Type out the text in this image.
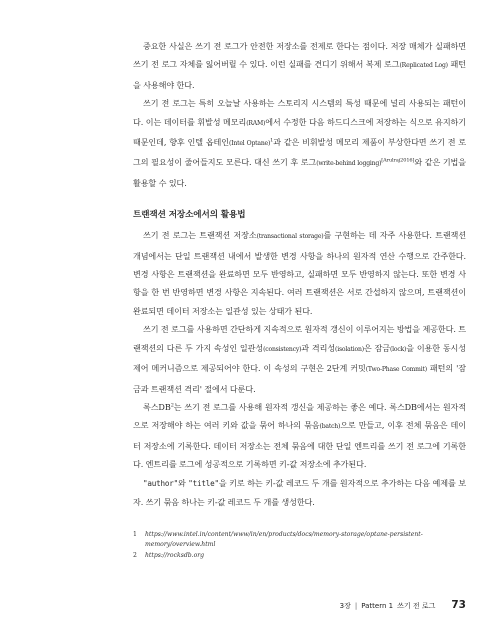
중요한 사실은 쓰기 전 로그가 안전한 저장소를 전제로 한다는 점이다. 저장 매체가 실패하면 쓰기 전 로그 자체를 잃어버릴 수 있다. 이런 실패를 견디기 위해서 복제 로그(Replicated Log) 패턴을 사용해야 한다.

쓰기 전 로그는 특히 오늘날 사용하는 스토리지 시스템의 특성 때문에 널리 사용되는 패턴이다. 이는 데이터를 휘발성 메모리(RAM)에서 수정한 다음 하드디스크에 저장하는 식으로 유지하기 때문인데, 향후 인텔 옵테인(Intel Optane)$^1$과 같은 비휘발성 메모리 제품이 부상한다면 쓰기 전 로그의 필요성이 줄어들지도 모른다. 대신 쓰기 후 로그(write-behind logging)[Arulraj2016]와 같은 기법을 활용할 수 있다.

트랜잭션 저장소에서의 활용법

쓰기 전 로그는 트랜잭션 저장소(transactional storage)를 구현하는 데 자주 사용한다. 트랜잭션 개념에서는 단일 트랜잭션 내에서 발생한 변경 사항을 하나의 원자적 연산 수행으로 간주한다. 변경 사항은 트랜잭션을 완료하면 모두 반영하고, 실패하면 모두 반영하지 않는다. 또한 변경 사항을 한 번 반영하면 변경 사항은 지속된다. 여러 트랜잭션은 서로 간섭하지 않으며, 트랜잭션이 완료되면 데이터 저장소는 일관성 있는 상태가 된다.

쓰기 전 로그를 사용하면 간단하게 지속적으로 원자적 갱신이 이루어지는 방법을 제공한다. 트랜잭션의 다른 두 가지 속성인 일관성(consistency)과 격리성(isolation)은 잠금(lock)을 이용한 동시성 제어 메커니즘으로 제공되어야 한다. 이 속성의 구현은 2단계 커밋(Two-Phase Commit) 패턴의 '잠금과 트랜잭션 격리' 절에서 다룬다.

록스$DB^2$는 쓰기 전 로그를 사용해 원자적 갱신을 제공하는 좋은 예다. 록스DB에서는 원자적으로 저장해야 하는 여러 키와 값을 묶어 하나의 묶음(batch)으로 만들고, 이후 전체 묶음은 데이터 저장소에 기록한다. 데이터 저장소는 전체 묶음에 대한 단일 엔트리를 쓰기 전 로그에 기록한다. 엔트리를 로그에 성공적으로 기록하면 키-값 저장소에 추가된다.

"author"와 "title"을 키로 하는 키-값 레코드 두 개를 원자적으로 추가하는 다음 예제를 보자. 쓰기 묶음 하나는 키-값 레코드 두 개를 생성한다.

1 https://www.intel.in/content/www/in/en/products/docs/memory-storage/optane-persistent-memory/overview.html
2 https://rocksdb.org
3장 | Pattern 1 쓰기 전 로그 73
